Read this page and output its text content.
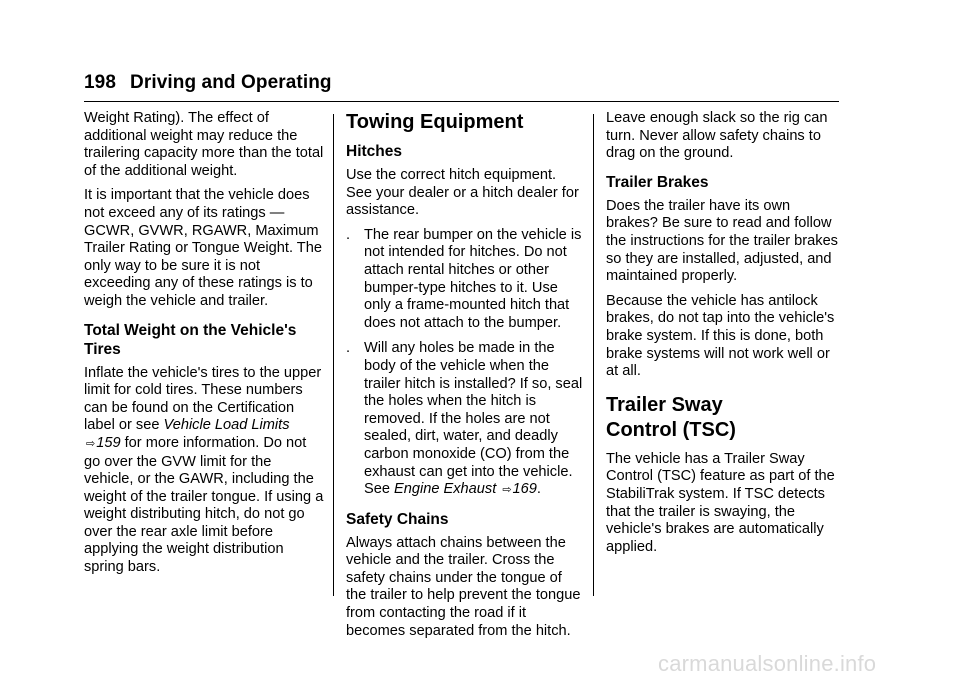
198 Driving and Operating

Weight Rating). The effect of additional weight may reduce the trailering capacity more than the total of the additional weight.

It is important that the vehicle does not exceed any of its ratings — GCWR, GVWR, RGAWR, Maximum Trailer Rating or Tongue Weight. The only way to be sure it is not exceeding any of these ratings is to weigh the vehicle and trailer.

Total Weight on the Vehicle's Tires

Inflate the vehicle's tires to the upper limit for cold tires. These numbers can be found on the Certification label or see Vehicle Load Limits ⇨159 for more information. Do not go over the GVW limit for the vehicle, or the GAWR, including the weight of the trailer tongue. If using a weight distributing hitch, do not go over the rear axle limit before applying the weight distribution spring bars.

Towing Equipment
Hitches

Use the correct hitch equipment. See your dealer or a hitch dealer for assistance.

. The rear bumper on the vehicle is not intended for hitches. Do not attach rental hitches or other bumper-type hitches to it. Use only a frame-mounted hitch that does not attach to the bumper.
. Will any holes be made in the body of the vehicle when the trailer hitch is installed? If so, seal the holes when the hitch is removed. If the holes are not sealed, dirt, water, and deadly carbon monoxide (CO) from the exhaust can get into the vehicle. See Engine Exhaust ⇨169.
Safety Chains

Always attach chains between the vehicle and the trailer. Cross the safety chains under the tongue of the trailer to help prevent the tongue from contacting the road if it becomes separated from the hitch.

Leave enough slack so the rig can turn. Never allow safety chains to drag on the ground.

Trailer Brakes

Does the trailer have its own brakes? Be sure to read and follow the instructions for the trailer brakes so they are installed, adjusted, and maintained properly.

Because the vehicle has antilock brakes, do not tap into the vehicle's brake system. If this is done, both brake systems will not work well or at all.

Trailer Sway
Control (TSC)

The vehicle has a Trailer Sway Control (TSC) feature as part of the StabiliTrak system. If TSC detects that the trailer is swaying, the vehicle's brakes are automatically applied.

carmanualsonline.info
